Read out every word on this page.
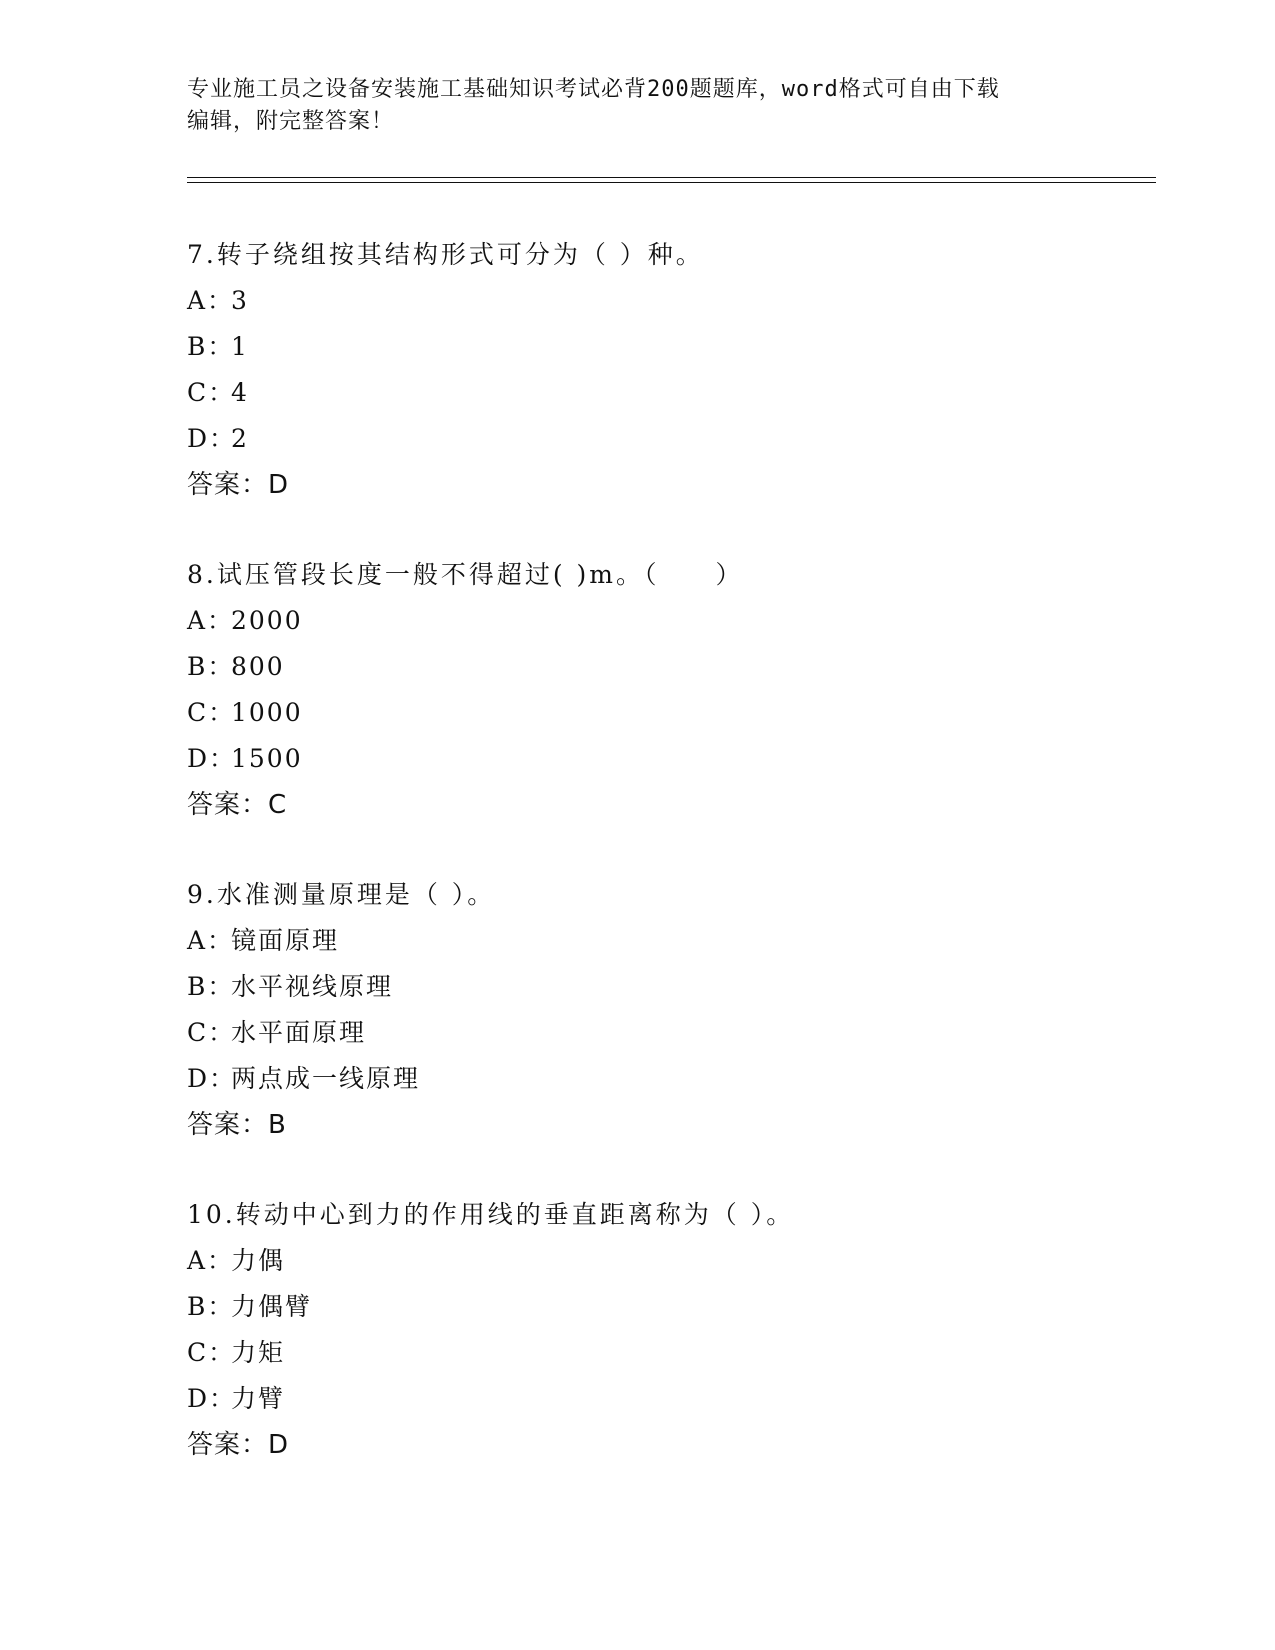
专业施工员之设备安装施工基础知识考试必背200题题库，word格式可自由下载
编辑，附完整答案！
7.转子绕组按其结构形式可分为（ ）种。
A：3
B：1
C：4
D：2
答案：D
8.试压管段长度一般不得超过( )m。（　　）
A：2000
B：800
C：1000
D：1500
答案：C
9.水准测量原理是（ ）。
A：镜面原理
B：水平视线原理
C：水平面原理
D：两点成一线原理
答案：B
10.转动中心到力的作用线的垂直距离称为（ ）。
A：力偶
B：力偶臂
C：力矩
D：力臂
答案：D
